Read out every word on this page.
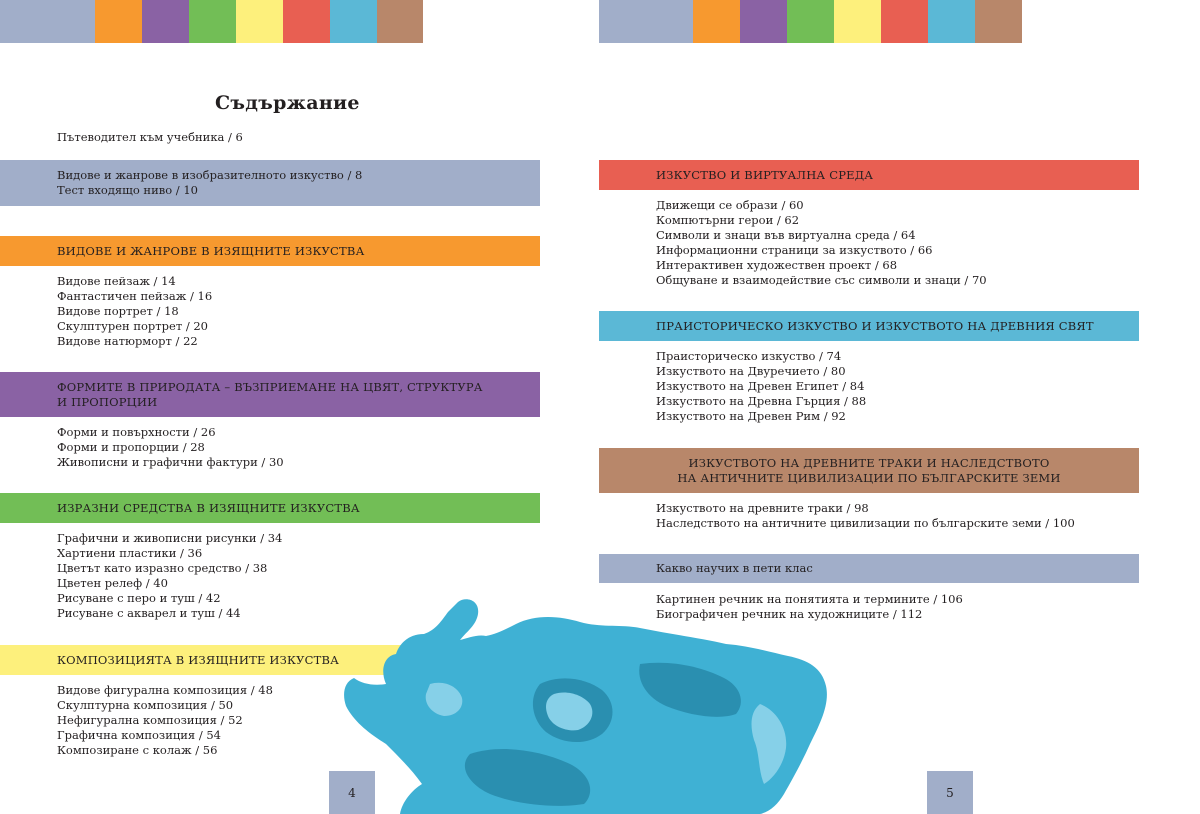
Съдържание
Пътеводител към учебника / 6
Видове и жанрове в изобразителното изкуство / 8
Тест входящо ниво / 10
ВИДОВЕ И ЖАНРОВЕ В ИЗЯЩНИТЕ ИЗКУСТВА
Видове пейзаж / 14
Фантастичен пейзаж / 16
Видове портрет / 18
Скулптурен портрет / 20
Видове натюрморт / 22
ФОРМИТЕ В ПРИРОДАТА – ВЪЗПРИЕМАНЕ НА ЦВЯТ, СТРУКТУРА
И ПРОПОРЦИИ
Форми и повърхности / 26
Форми и пропорции / 28
Живописни и графични фактури / 30
ИЗРАЗНИ СРЕДСТВА В ИЗЯЩНИТЕ ИЗКУСТВА
Графични и живописни рисунки / 34
Хартиени пластики / 36
Цветът като изразно средство / 38
Цветен релеф / 40
Рисуване с перо и туш / 42
Рисуване с акварел и туш / 44
КОМПОЗИЦИЯТА В ИЗЯЩНИТЕ ИЗКУСТВА
Видове фигурална композиция / 48
Скулптурна композиция / 50
Нефигурална композиция / 52
Графична композиция / 54
Композиране с колаж / 56
4
ИЗКУСТВО И ВИРТУАЛНА СРЕДА
Движещи се образи / 60
Компютърни герои / 62
Символи и знаци във виртуална среда / 64
Информационни страници за изкуството / 66
Интерактивен художествен проект / 68
Общуване и взаимодействие със символи и знаци / 70
ПРАИСТОРИЧЕСКО ИЗКУСТВО И ИЗКУСТВОТО НА ДРЕВНИЯ СВЯТ
Праисторическо изкуство / 74
Изкуството на Двуречието / 80
Изкуството на Древен Египет / 84
Изкуството на Древна Гърция / 88
Изкуството на Древен Рим / 92
ИЗКУСТВОТО НА ДРЕВНИТЕ ТРАКИ И НАСЛЕДСТВОТО
НА АНТИЧНИТЕ ЦИВИЛИЗАЦИИ ПО БЪЛГАРСКИТЕ ЗЕМИ
Изкуството на древните траки / 98
Наследството на античните цивилизации по българските земи / 100
Какво научих в пети клас
Картинен речник на понятията и термините / 106
Биографичен речник на художниците / 112
5
